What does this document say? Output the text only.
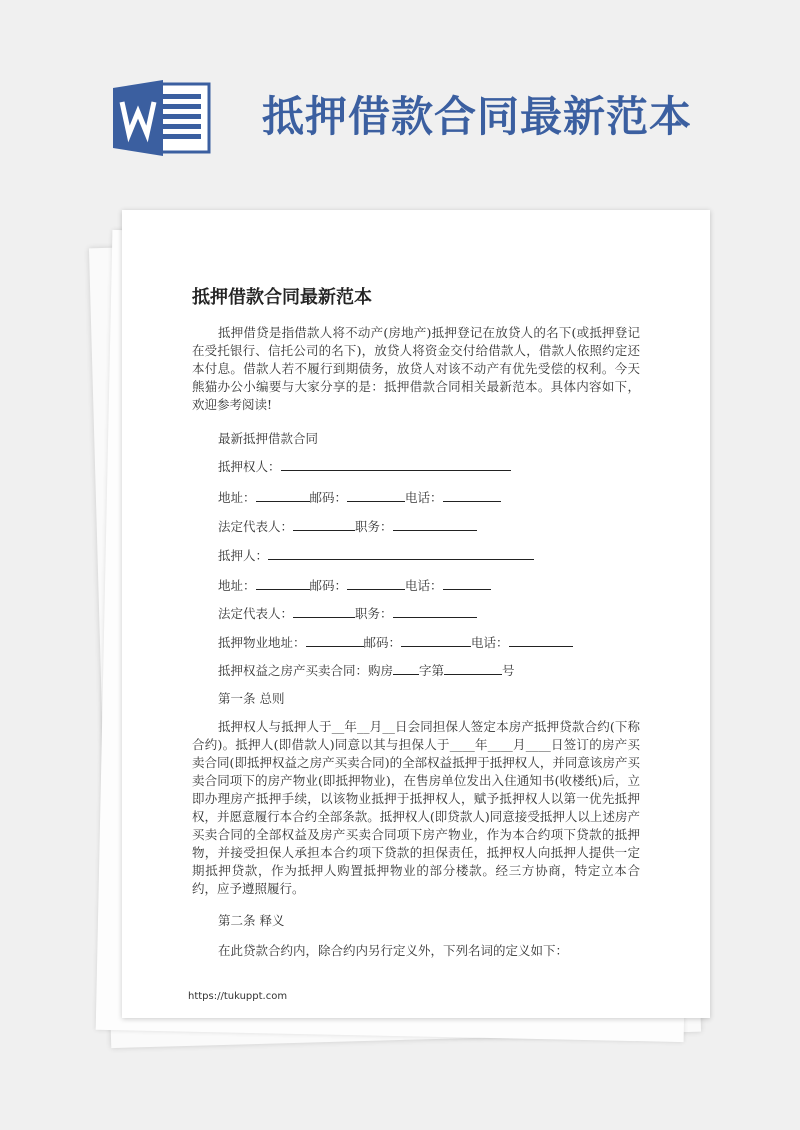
抵押借款合同最新范本
抵押借款合同最新范本

抵押借贷是指借款人将不动产(房地产)抵押登记在放贷人的名下(或抵押登记在受托银行、信托公司的名下)，放贷人将资金交付给借款人，借款人依照约定还本付息。借款人若不履行到期债务，放贷人对该不动产有优先受偿的权利。今天熊猫办公小编要与大家分享的是：抵押借款合同相关最新范本。具体内容如下，欢迎参考阅读!

最新抵押借款合同
抵押权人：
地址：	邮码：	电话：
法定代表人：	职务：
抵押人：
地址：	邮码：	电话：
法定代表人：	职务：
抵押物业地址：	邮码：	电话：
抵押权益之房产买卖合同：购房 字第	号
第一条 总则

抵押权人与抵押人于__年__月__日会同担保人签定本房产抵押贷款合约(下称合约)。抵押人(即借款人)同意以其与担保人于____年____月____日签订的房产买卖合同(即抵押权益之房产买卖合同)的全部权益抵押于抵押权人，并同意该房产买卖合同项下的房产物业(即抵押物业)，在售房单位发出入住通知书(收楼纸)后，立即办理房产抵押手续，以该物业抵押于抵押权人，赋予抵押权人以第一优先抵押权，并愿意履行本合约全部条款。抵押权人(即贷款人)同意接受抵押人以上述房产买卖合同的全部权益及房产买卖合同项下房产物业，作为本合约项下贷款的抵押物，并接受担保人承担本合约项下贷款的担保责任，抵押权人向抵押人提供一定期抵押贷款，作为抵押人购置抵押物业的部分楼款。经三方协商，特定立本合约，应予遵照履行。

第二条 释义
在此贷款合约内，除合约内另行定义外，下列名词的定义如下：
https://tukuppt.com
